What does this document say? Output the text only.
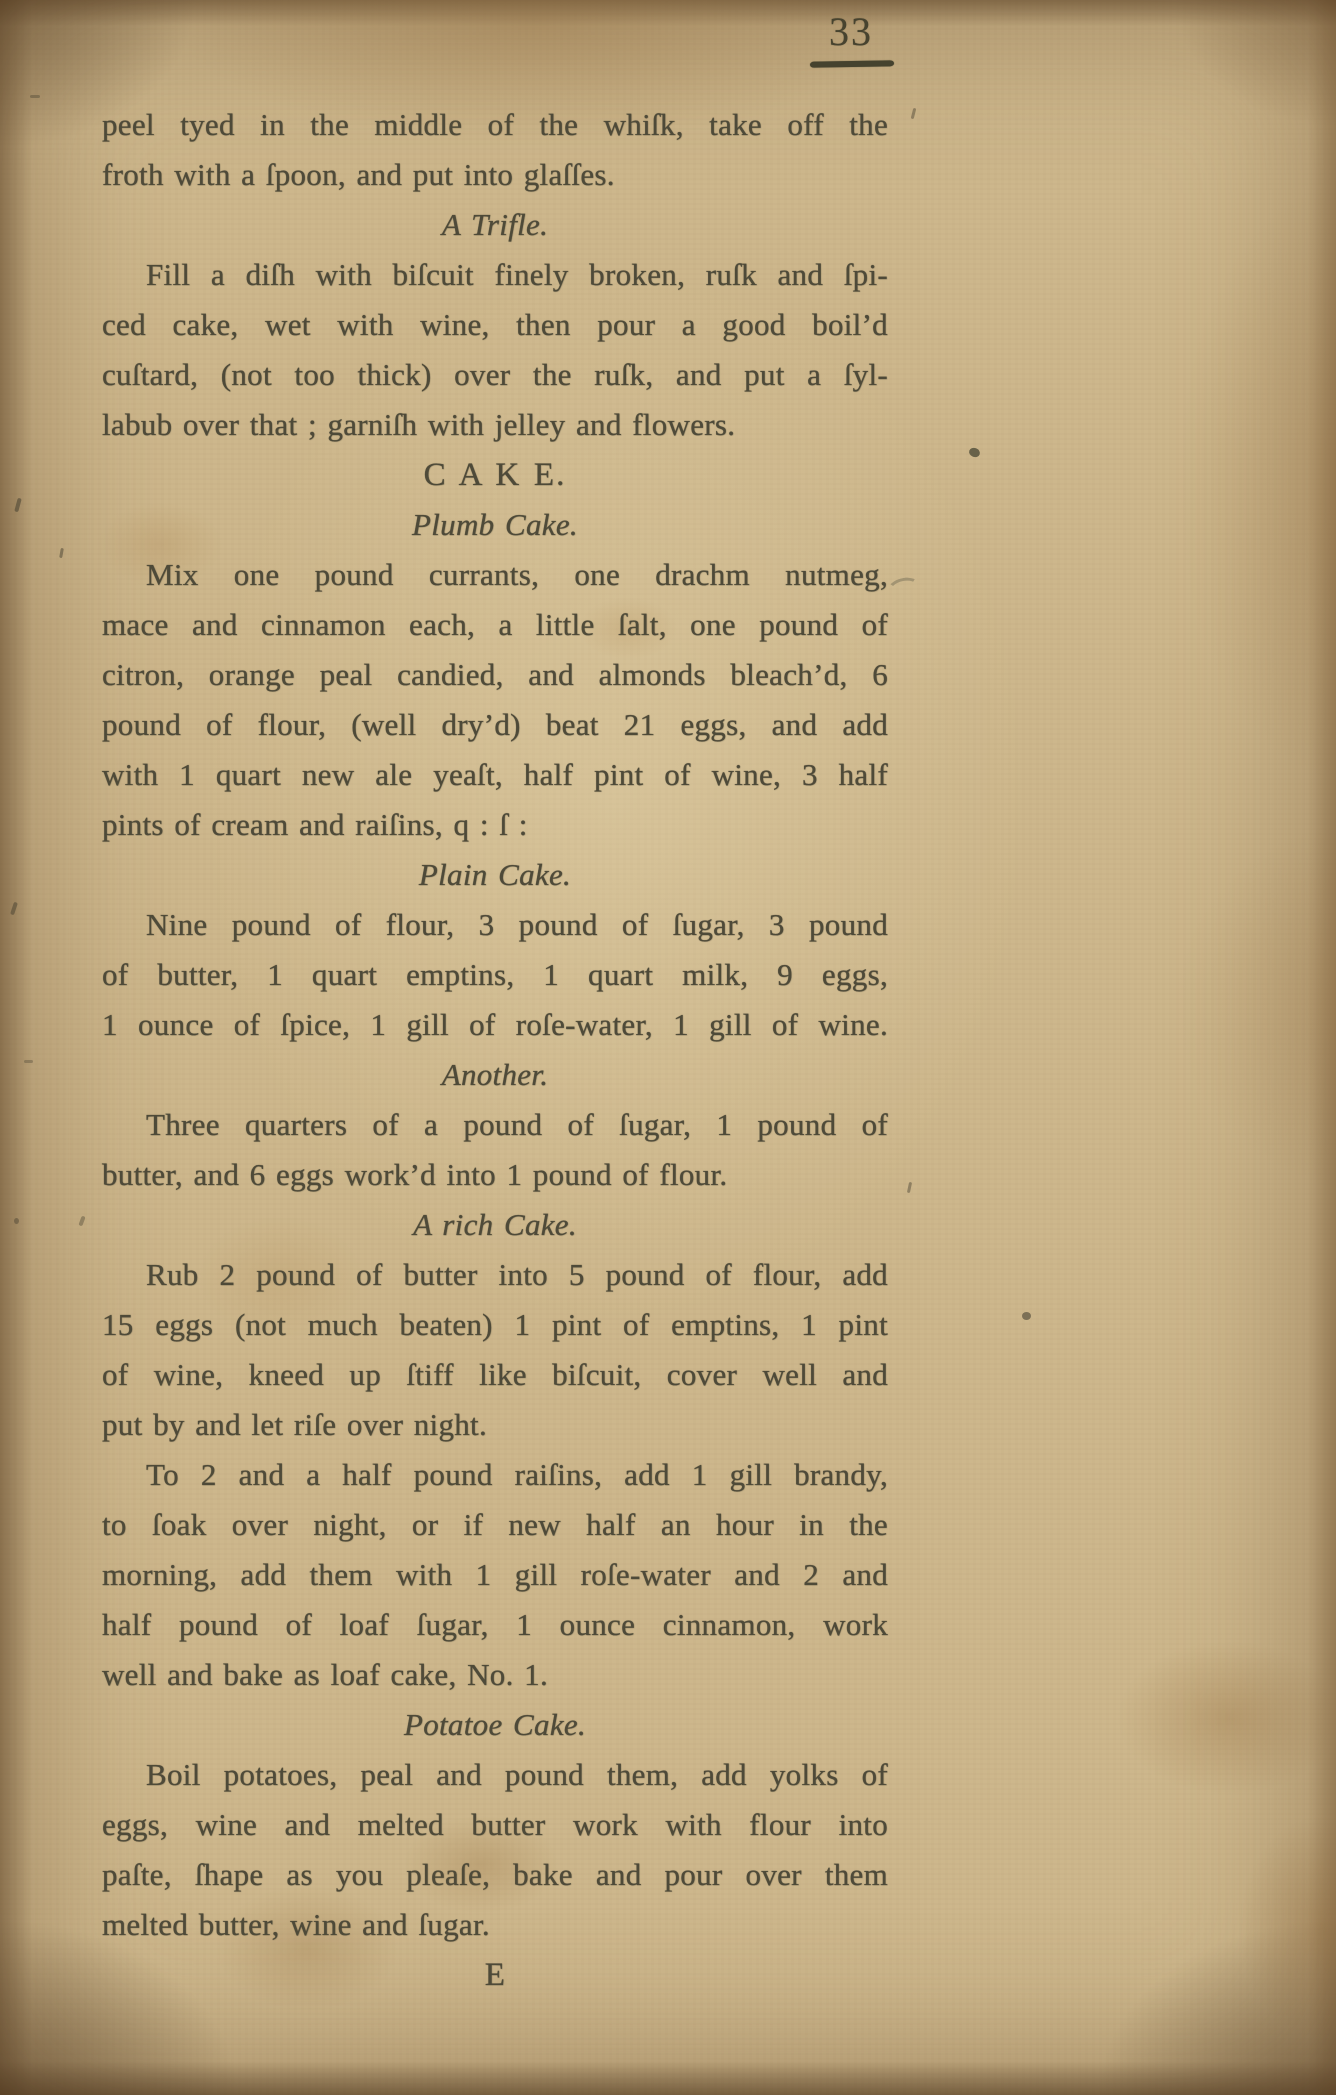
33
peel tyed in the middle of the whiſk, take off the
froth with a ſpoon, and put into glaſſes.
A Trifle.
Fill a diſh with biſcuit finely broken, ruſk and ſpi-
ced cake, wet with wine, then pour a good boil’d
cuſtard, (not too thick) over the ruſk, and put a ſyl-
labub over that ; garniſh with jelley and flowers.
C A K E.
Plumb Cake.
Mix one pound currants, one drachm nutmeg,
mace and cinnamon each, a little ſalt, one pound of
citron, orange peal candied, and almonds bleach’d, 6
pound of flour, (well dry’d) beat 21 eggs, and add
with 1 quart new ale yeaſt, half pint of wine, 3 half
pints of cream and raiſins, q : ſ :
Plain Cake.
Nine pound of flour, 3 pound of ſugar, 3 pound
of butter, 1 quart emptins, 1 quart milk, 9 eggs,
1 ounce of ſpice, 1 gill of roſe-water, 1 gill of wine.
Another.
Three quarters of a pound of ſugar, 1 pound of
butter, and 6 eggs work’d into 1 pound of flour.
A rich Cake.
Rub 2 pound of butter into 5 pound of flour, add
15 eggs (not much beaten) 1 pint of emptins, 1 pint
of wine, kneed up ſtiff like biſcuit, cover well and
put by and let riſe over night.
To 2 and a half pound raiſins, add 1 gill brandy,
to ſoak over night, or if new half an hour in the
morning, add them with 1 gill roſe-water and 2 and
half pound of loaf ſugar, 1 ounce cinnamon, work
well and bake as loaf cake, No. 1.
Potatoe Cake.
Boil potatoes, peal and pound them, add yolks of
eggs, wine and melted butter work with flour into
paſte, ſhape as you pleaſe, bake and pour over them
melted butter, wine and ſugar.
E
